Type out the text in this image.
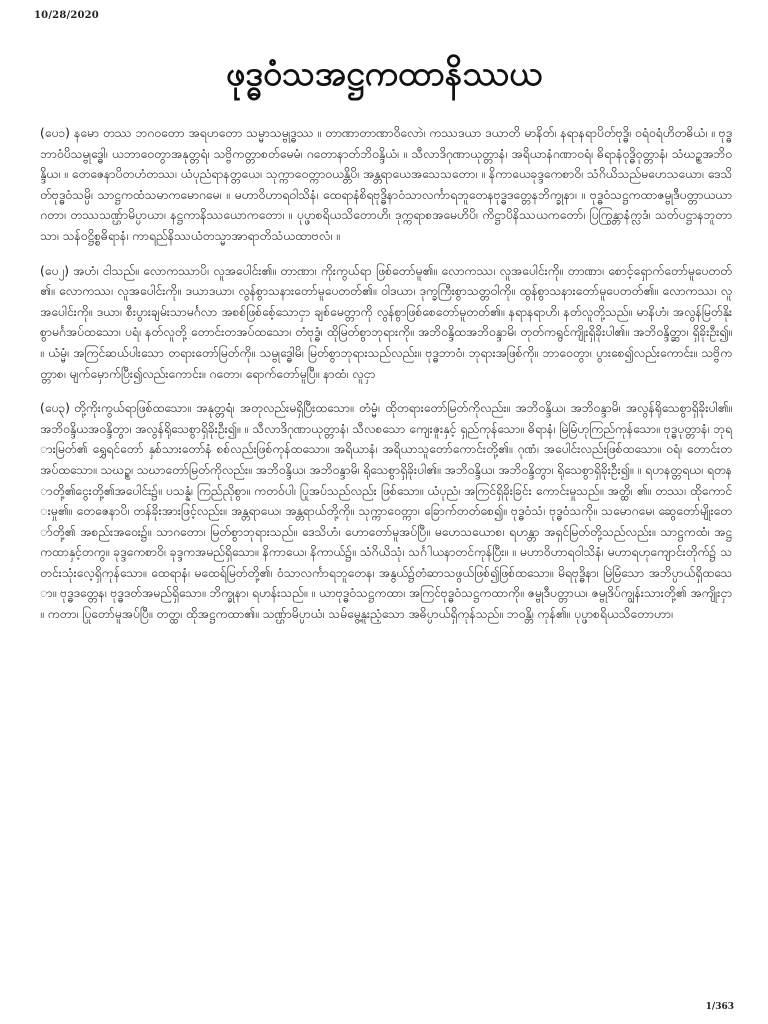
10/28/2020
ဖုဒ္ဓဝံသအဋ္ဌကထာနိဿယ

(ပေ၁) နမော တဿ ဘဂဝတော အရဟတော သမ္မာသမ္ဗုဒ္ဓဿ ။ တာဏာတာဏာဝိလောဲ၊ ကဿဒယာ ဒယာတိ မာနိတ်၊ နရာနရာပိတ်ဗုဒ္ဓိ၊ ဝရံ၀ရံဟိတဓိယံ၊ ။ ဗုဒ္ဓဘာဝံပိသမ္ဗုဒ္ဓေါ၊ ယဘာဝေတွာအနုတ္တရံ၊ သဗ္ဗိကတ္တာစတ်မေမံ၊ ဂတောနာတ်ဘိဝန္ဒိယံ၊ ။ သီလာဒိဂုဏာယုတ္တာနံ၊ အရိယာနံဂဏာဝရံ၊ ဓိရာနံဝုဒ္ဓိဝုတ္တာနံ၊ သံဃဥ္စအဘိဝန္ဒိယ၊ ။ တေဇေနာပိတဟံတဿ၊ ယံပုညံရာနတ္တယေ၊ သုက္ကာ၀ေတ္ကာ၀ယန္တိပိ၊ အန္တရာယေအသေသတော၊ ။ နိကာယေခုဒ္ဒကေစာဝိ၊ သံဂိယိသည်မဟေသယော၊ ဒေသိတ်ဗုဒ္ဓဝံသမ္ပိ၊ သာဋ္ဌကထံသမာကမောဂမေ၊ ။ မဟာဝိဟာရဝါသိနံ၊ ထေရာနံစိရဗုဒ္ဓိနာဝံသာလင်္ကာရဘူတေနဗုဒ္ဓဒတ္တေနဘိက္ခုနာ၊ ။ ဗုဒ္ဓဝံသဋ္ဌကထာဇမ္ဗုဒီပတ္တာယယာဂတာ၊ တဿသဏ္ဌ်ာမိပ္ပာယာ၊ နဋ္ဌကာနိဿယောကတော၊ ။ ပုပ္ဖာစရိယသိတောဟိ၊ ဒုက္ကရာစအမေဟိပိ၊ ကိဋ္ဌာပိနိဿယကတော်၊ ပြကြွန္တာနံက္လဒံ၊ သတ်ပဋ္ဌာနဘူတာသာ၊ သန်ဝဋ္ဌိစ္စဓိရာနံ၊ ကာရည်နိဿယံတသ္မာအာရာတိသံယထာဗလံ၊ ။

(ပေ၂) အဟံ၊ ငါသည်။ လောကဿာပိ၊ လူအပေါင်း၏။ တာဏာ၊ ကိုးကွယ်ရာ ဖြစ်တော်မူ၏။ လောကဿ၊ လူအပေါင်းကို။ တာဏာ၊ စောင့်ရှောက်တော်မူပေတတ်၏။ လောကဿ၊ လူအပေါင်းကို။ ဒယာဒယာ၊ လွန်စွာသနားတော်မူပေတတ်၏။ ဝါဒယာ၊ ဒုက္ခကြီးစွာသတ္တဝါကို။ ထွန်စွာသနားတော်မူပေတတ်၏။ လောကဿ၊ လူအပေါင်းကို။ ဒယာ၊ စီးပွားချမ်းသာမင်္ဂလာ အစစ်ဖြစ်စေ့်သောငှာ ချစ်မေတ္တာကို လွန်စွာဖြစ်စေတော်မူတတ်၏။ နရာနရာဟိ၊ နတ်လူတို့သည်။ မာနိဟံ၊ အလွန်မြတ်နိုးစွာမင်္ဂအပ်ထသော၊ ပရံ၊ နတ်လူတို့ တောင်းတအပ်ထသော၊ တံဗုဒ္ဓံ၊ ထိုမြတ်စွာဘုရားကို။ အဘိဝန္ဒိထအဘိဝန္ဒာမိ၊ တုတ်ကရွင်ကျိုးရှိခိုးပါ၏။ အဘိဝန္ဒိတ္ဆာ၊ ရှိခိုးဦး၍။ ။ ယံမ္မံ၊ အကြင်ဆယ်ပါးသော တရားတော်မြတ်ကို။ သမ္ဗုဒ္ဓေါမိ၊ မြတ်စွာဘုရားသည်လည်း။ ဗုဒ္ဓဘာဝံ၊ ဘုရားအဖြစ်ကို။ ဘာဝေတွာ၊ ပွားစေ၍လည်းကောင်း။ သဗ္ဗိကတ္တာစ၊ မျက်မှောက်ပြီး၍လည်းကောင်း။ ဂတော၊ ရောက်တော်မူပြီ။ နာထံ၊ လူငှာ

(ပေ၃) တို့ကိုးကွယ်ရာဖြစ်ထသော။ အနုတ္တရံ၊ အတုလည်းမရှိပြီးထသော။ တံမ္မံ၊ ထိုတရားတော်မြတ်ကိုလည်း။ အဘိဝန္ဒိယ၊ အဘိဝန္ဒာမိ၊ အလွန်ရိုသေစွာရှိခိုးပါ၏။ အဘိဝန္ဒိယအဝန္ဒိတွာ၊ အလွန်ရိုသေစွာရှိခိုးဦး၍။ ။ သီလာဒိဂုဏာယုတ္တာနံ၊ သီလစသော ကျေးဇူးနှင့် ရှည်ကုန်သော။ ဓိရာနံ၊ မြဲမြံဟုကြည်ကုန်သော။ ဗုဒ္ဓပုတ္တာနံ၊ ဘုရားမြတ်၏ ရွှေရင်တော် နှစ်သားတော်နံ စစ်လည်းဖြစ်ကုန်ထသော။ အရိယာနံ၊ အရိယာသူတော်ကောင်းတို့၏။ ဂုဏံ၊ အပေါင်းလည်းဖြစ်ထသော။ ဝရံ၊ တောင်းတအပ်ထသော။ သဃဥ္စ၊ သဃာတော်မြတ်ကိုလည်း။ အဘိဝန္ဒိယ၊ အဘိဝန္ဒာမိ၊ ရိုသေစွာရှိခိုးပါ၏။ အဘိဝန္ဒိယ၊ အဘိဝန္ဒိတွာ၊ ရိုသေစွာရှိခိုးဦး၍။ ။ ရပာနတ္တရယ၊ ရတနာတို့၏ငွေးတို့၏အပေါင်း၌။ ပသန္နံ၊ ကြည်ညိုစွာ။ ကတဝ်ပါ၊ ပြုအပ်သည်လည်း ဖြစ်သော။ ယံပုညံ၊ အကြင်ရှိခိုးခြင်း ကောင်းမှုသည်။ အတ္ထိ၊ ၏။ တဿ၊ ထိုကောင်းမှု၏။ တေဇေနာပိ၊ တန်ခိုးအားဖြင့်လည်း။ အန္တရာယေ၊ အန္တရာယ်တို့ကို။ သုက္ကာ၀ေတ္ကာ၊ ခြောက်တတ်စေ၍။ ဗုဒ္ဓဝံသံ၊ ဗုဒ္ဓဝံသကို။ သမောဂမေ၊ ဆွေတော်မျိုးတော်တို့၏ အစည်းအဝေး၌။ သာဂတော၊ မြတ်စွာဘုရားသည်။ ဒေသိဟံ၊ ဟောတော်မူအပ်ပြီ။ မဟေသယောစ၊ ရဟန္တာ အရှင်မြတ်တို့သည်လည်း။ သာဋ္ဌကထံ၊ အဋ္ဌကထာနှင့်တကွ။ ခုဒ္ဒကေစာဝိ၊ ခုဒ္ဒကအမည်ရှိသော။ နိကာယေ၊ နိကာယ်၌။ သံဂိယိသုံ၊ သင်္ဂါယနာတင်ကုန်ပြီး။ ။ မဟာဝိဟာရဝါသိနံ၊ မဟာရဟုကျောင်းတိုက်၌ သတင်းသုံးလေ့ရှိကုန်သော။ ထေရာနံ၊ မထေရ်မြတ်တို့၏၊ ဝံသာလင်္ကာရဘူတေန၊ အနွယ်၌တံဆာသဖွယ်ဖြစ်၍ဖြစ်ထသော။ မိရဗုဒ္ဓိနာ၊ မြဲမြံသော အဘိပ္ပာယ်ရှိထသော။ ဗုဒ္ဓဒတ္တေန၊ ဗုဒ္ဓဒတ်အမည်ရှိသော။ ဘိက္ခုနာ၊ ရဟန်းသည်။ ။ ယာဗုဒ္ဓဝံသဋ္ဌကထာ၊ အကြင်ဗုဒ္ဓဝံသဋ္ဌကထာကို။ ဇမ္ဗုဒီပတ္တာယ၊ ဇမ္ဗုဒိပ်ကျွန်းသားတို့၏ အကျိုးငှာ။ ကတာ၊ ပြုတော်မူအပ်ပြီ။ တတ္ထ၊ ထိုအဋ္ဌကထာ၏။ သဏ္ဌ်ာမိပ္ပာယံ၊ သမ်မွေ့နူးညံ့သော အဓိပ္ပာယ်ရှိကုန်သည်။ ဘဝန္တိ၊ ကုန်၏။ ပုပ္ဖာစရိယသိတောဟာ၊

1/363
